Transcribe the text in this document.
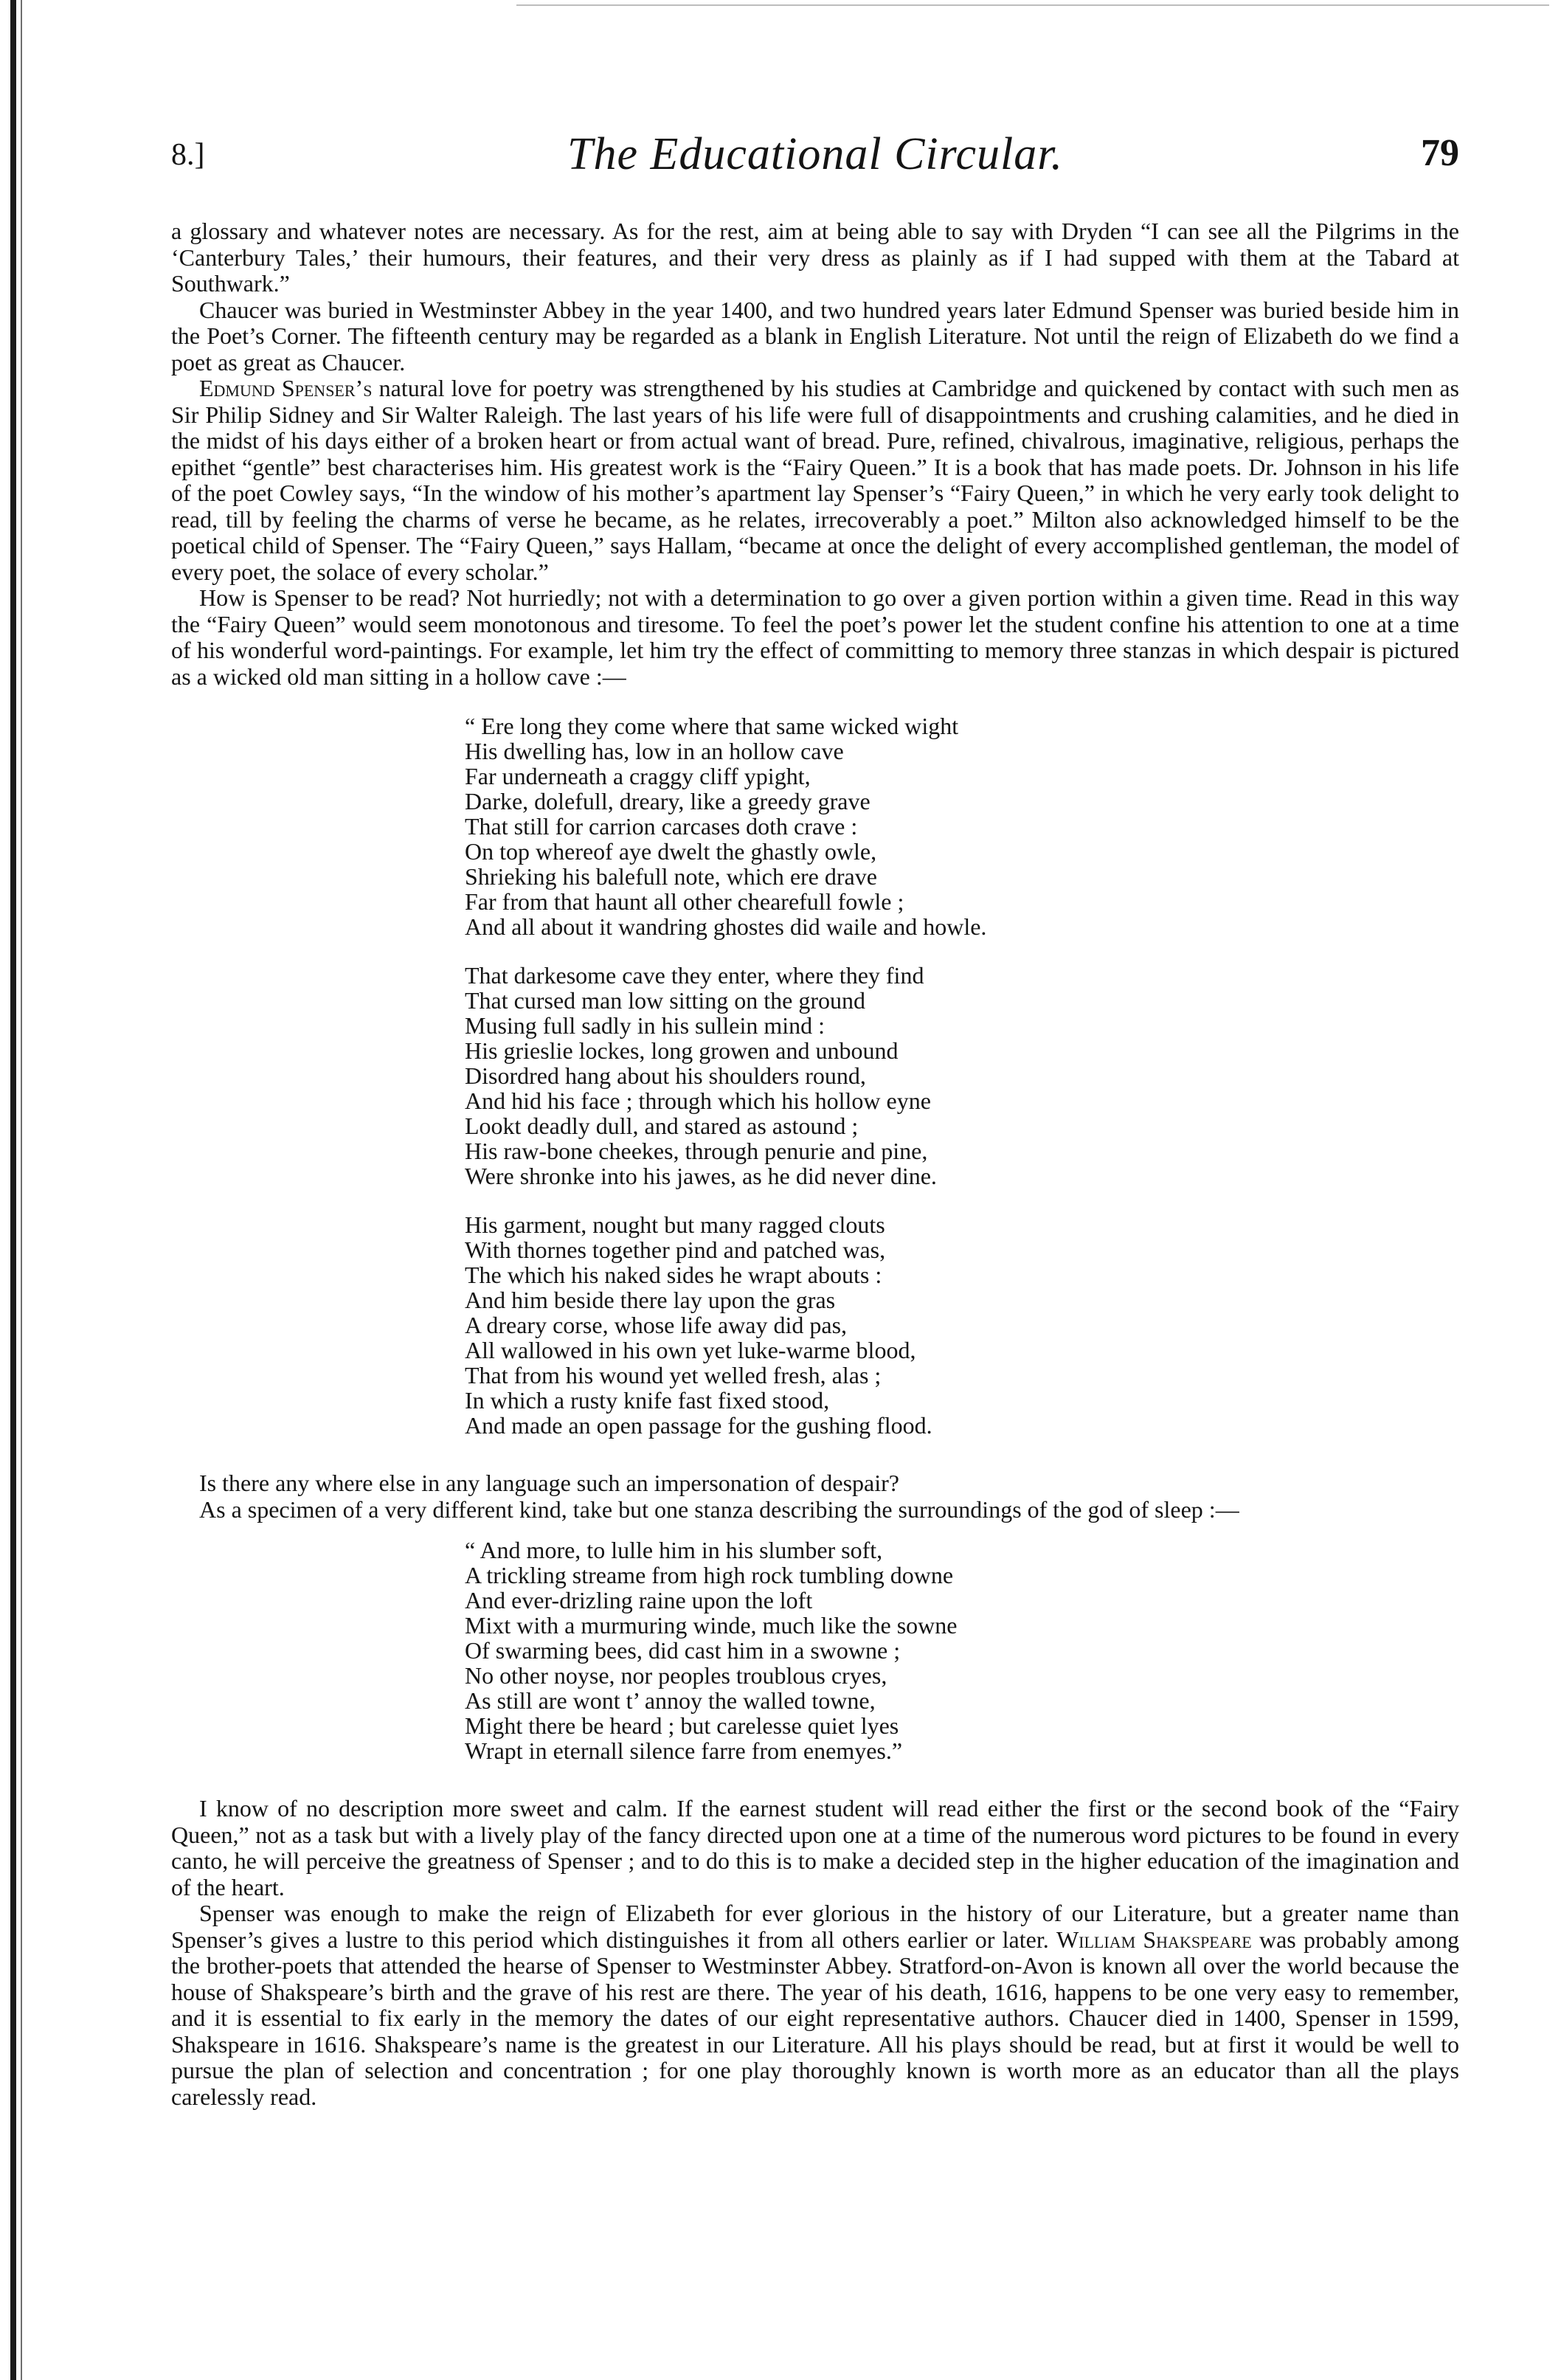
The Educational Circular.
8.]	79

a glossary and whatever notes are necessary. As for the rest, aim at being able to say with Dryden “I can see all the Pilgrims in the ‘Canterbury Tales,’ their humours, their features, and their very dress as plainly as if I had supped with them at the Tabard at Southwark.”

Chaucer was buried in Westminster Abbey in the year 1400, and two hundred years later Edmund Spenser was buried beside him in the Poet’s Corner. The fifteenth century may be regarded as a blank in English Literature. Not until the reign of Elizabeth do we find a poet as great as Chaucer.

Edmund Spenser’s natural love for poetry was strengthened by his studies at Cambridge and quickened by contact with such men as Sir Philip Sidney and Sir Walter Raleigh. The last years of his life were full of disappointments and crushing calamities, and he died in the midst of his days either of a broken heart or from actual want of bread. Pure, refined, chivalrous, imaginative, religious, perhaps the epithet “gentle” best characterises him. His greatest work is the “Fairy Queen.” It is a book that has made poets. Dr. Johnson in his life of the poet Cowley says, “In the window of his mother’s apartment lay Spenser’s “Fairy Queen,” in which he very early took delight to read, till by feeling the charms of verse he became, as he relates, irrecoverably a poet.” Milton also acknowledged himself to be the poetical child of Spenser. The “Fairy Queen,” says Hallam, “became at once the delight of every accomplished gentleman, the model of every poet, the solace of every scholar.”

How is Spenser to be read? Not hurriedly; not with a determination to go over a given portion within a given time. Read in this way the “Fairy Queen” would seem monotonous and tiresome. To feel the poet’s power let the student confine his attention to one at a time of his wonderful word-paintings. For example, let him try the effect of committing to memory three stanzas in which despair is pictured as a wicked old man sitting in a hollow cave :—

“ Ere long they come where that same wicked wight
His dwelling has, low in an hollow cave
Far underneath a craggy cliff ypight,
Darke, dolefull, dreary, like a greedy grave
That still for carrion carcases doth crave :
On top whereof aye dwelt the ghastly owle,
Shrieking his balefull note, which ere drave
Far from that haunt all other chearefull fowle ;
And all about it wandring ghostes did waile and howle.
That darkesome cave they enter, where they find
That cursed man low sitting on the ground
Musing full sadly in his sullein mind :
His grieslie lockes, long growen and unbound
Disordred hang about his shoulders round,
And hid his face ; through which his hollow eyne
Lookt deadly dull, and stared as astound ;
His raw-bone cheekes, through penurie and pine,
Were shronke into his jawes, as he did never dine.
His garment, nought but many ragged clouts
With thornes together pind and patched was,
The which his naked sides he wrapt abouts :
And him beside there lay upon the gras
A dreary corse, whose life away did pas,
All wallowed in his own yet luke-warme blood,
That from his wound yet welled fresh, alas ;
In which a rusty knife fast fixed stood,
And made an open passage for the gushing flood.

Is there any where else in any language such an impersonation of despair?

As a specimen of a very different kind, take but one stanza describing the surroundings of the god of sleep :—

“ And more, to lulle him in his slumber soft,
A trickling streame from high rock tumbling downe
And ever-drizling raine upon the loft
Mixt with a murmuring winde, much like the sowne
Of swarming bees, did cast him in a swowne ;
No other noyse, nor peoples troublous cryes,
As still are wont t’ annoy the walled towne,
Might there be heard ; but carelesse quiet lyes
Wrapt in eternall silence farre from enemyes.”

I know of no description more sweet and calm. If the earnest student will read either the first or the second book of the “Fairy Queen,” not as a task but with a lively play of the fancy directed upon one at a time of the numerous word pictures to be found in every canto, he will perceive the greatness of Spenser ; and to do this is to make a decided step in the higher education of the imagination and of the heart.

Spenser was enough to make the reign of Elizabeth for ever glorious in the history of our Literature, but a greater name than Spenser’s gives a lustre to this period which distinguishes it from all others earlier or later. William Shakspeare was probably among the brother-poets that attended the hearse of Spenser to Westminster Abbey. Stratford-on-Avon is known all over the world because the house of Shakspeare’s birth and the grave of his rest are there. The year of his death, 1616, happens to be one very easy to remember, and it is essential to fix early in the memory the dates of our eight representative authors. Chaucer died in 1400, Spenser in 1599, Shakspeare in 1616. Shakspeare’s name is the greatest in our Literature. All his plays should be read, but at first it would be well to pursue the plan of selection and concentration ; for one play thoroughly known is worth more as an educator than all the plays carelessly read.
